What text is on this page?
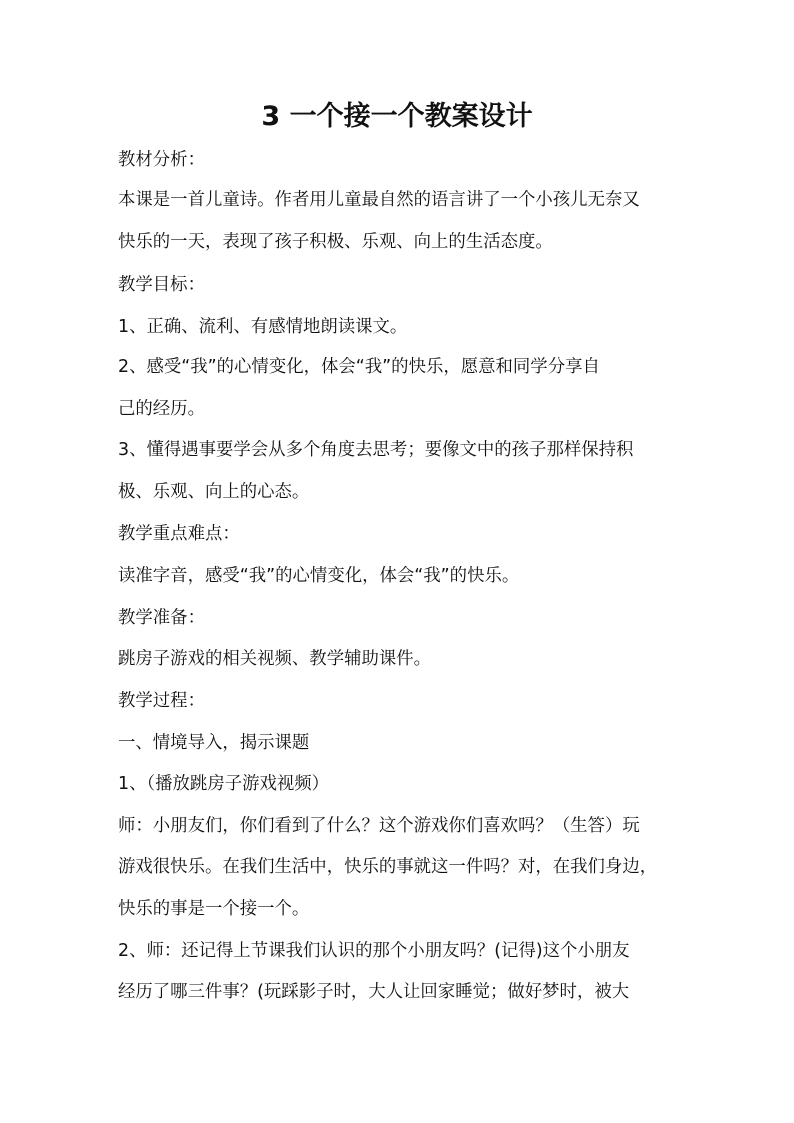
3 一个接一个教案设计
教材分析：
本课是一首儿童诗。作者用儿童最自然的语言讲了一个小孩儿无奈又
快乐的一天，表现了孩子积极、乐观、向上的生活态度。
教学目标：
1、正确、流利、有感情地朗读课文。
2、感受“我”的心情变化，体会“我”的快乐，愿意和同学分享自
己的经历。
3、懂得遇事要学会从多个角度去思考；要像文中的孩子那样保持积
极、乐观、向上的心态。
教学重点难点：
读准字音，感受“我”的心情变化，体会“我”的快乐。
教学准备：
跳房子游戏的相关视频、教学辅助课件。
教学过程：
一、情境导入，揭示课题
1、（播放跳房子游戏视频）
师：小朋友们，你们看到了什么？这个游戏你们喜欢吗？（生答）玩
游戏很快乐。在我们生活中，快乐的事就这一件吗？对，在我们身边，
快乐的事是一个接一个。
2、师：还记得上节课我们认识的那个小朋友吗？(记得)这个小朋友
经历了哪三件事？(玩踩影子时，大人让回家睡觉；做好梦时，被大
